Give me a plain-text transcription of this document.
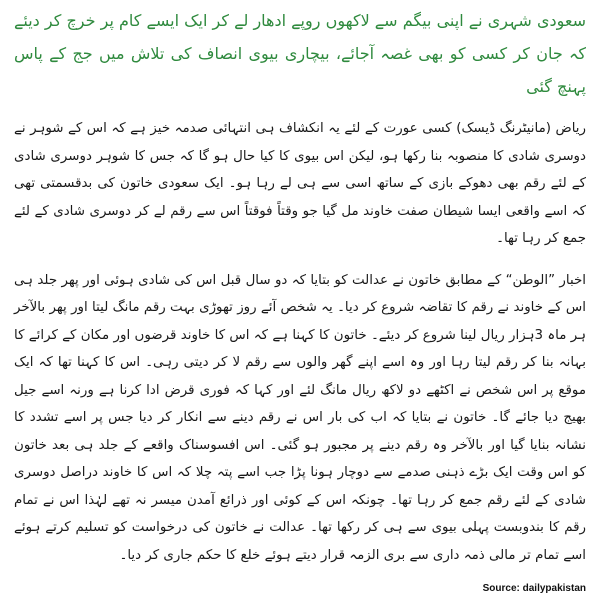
سعودی شہری نے اپنی بیگم سے لاکھوں روپے ادھار لے کر ایک ایسے کام پر خرچ کر دیئے کہ جان کر کسی کو بھی غصہ آجائے، بیچاری بیوی انصاف کی تلاش میں جج کے پاس پہنچ گئی

ریاض (مانیٹرنگ ڈیسک) کسی عورت کے لئے یہ انکشاف ہی انتہائی صدمہ خیز ہے کہ اس کے شوہر نے دوسری شادی کا منصوبہ بنا رکھا ہو، لیکن اس بیوی کا کیا حال ہو گا کہ جس کا شوہر دوسری شادی کے لئے رقم بھی دھوکے بازی کے ساتھ اسی سے ہی لے رہا ہو۔ ایک سعودی خاتون کی بدقسمتی تھی کہ اسے واقعی ایسا شیطان صفت خاوند مل گیا جو وقتاً فوقتاً اس سے رقم لے کر دوسری شادی کے لئے جمع کر رہا تھا۔

اخبار ”الوطن“ کے مطابق خاتون نے عدالت کو بتایا کہ دو سال قبل اس کی شادی ہوئی اور پھر جلد ہی اس کے خاوند نے رقم کا تقاضہ شروع کر دیا۔ یہ شخص آئے روز تھوڑی بہت رقم مانگ لیتا اور پھر بالآخر ہر ماہ 3ہزار ریال لینا شروع کر دیئے۔ خاتون کا کہنا ہے کہ اس کا خاوند قرضوں اور مکان کے کرائے کا بہانہ بنا کر رقم لیتا رہا اور وہ اسے اپنے گھر والوں سے رقم لا کر دیتی رہی۔ اس کا کہنا تھا کہ ایک موقع پر اس شخص نے اکٹھے دو لاکھ ریال مانگ لئے اور کہا کہ فوری قرض ادا کرنا ہے ورنہ اسے جیل بھیج دیا جائے گا۔ خاتون نے بتایا کہ اب کی بار اس نے رقم دینے سے انکار کر دیا جس پر اسے تشدد کا نشانہ بنایا گیا اور بالآخر وہ رقم دینے پر مجبور ہو گئی۔ اس افسوسناک واقعے کے جلد ہی بعد خاتون کو اس وقت ایک بڑے ذہنی صدمے سے دوچار ہونا پڑا جب اسے پتہ چلا کہ اس کا خاوند دراصل دوسری شادی کے لئے رقم جمع کر رہا تھا۔ چونکہ اس کے کوئی اور ذرائع آمدن میسر نہ تھے لہٰذا اس نے تمام رقم کا بندوبست پہلی بیوی سے ہی کر رکھا تھا۔ عدالت نے خاتون کی درخواست کو تسلیم کرتے ہوئے اسے تمام تر مالی ذمہ داری سے بری الزمہ قرار دیتے ہوئے خلع کا حکم جاری کر دیا۔

Source: dailypakistan
